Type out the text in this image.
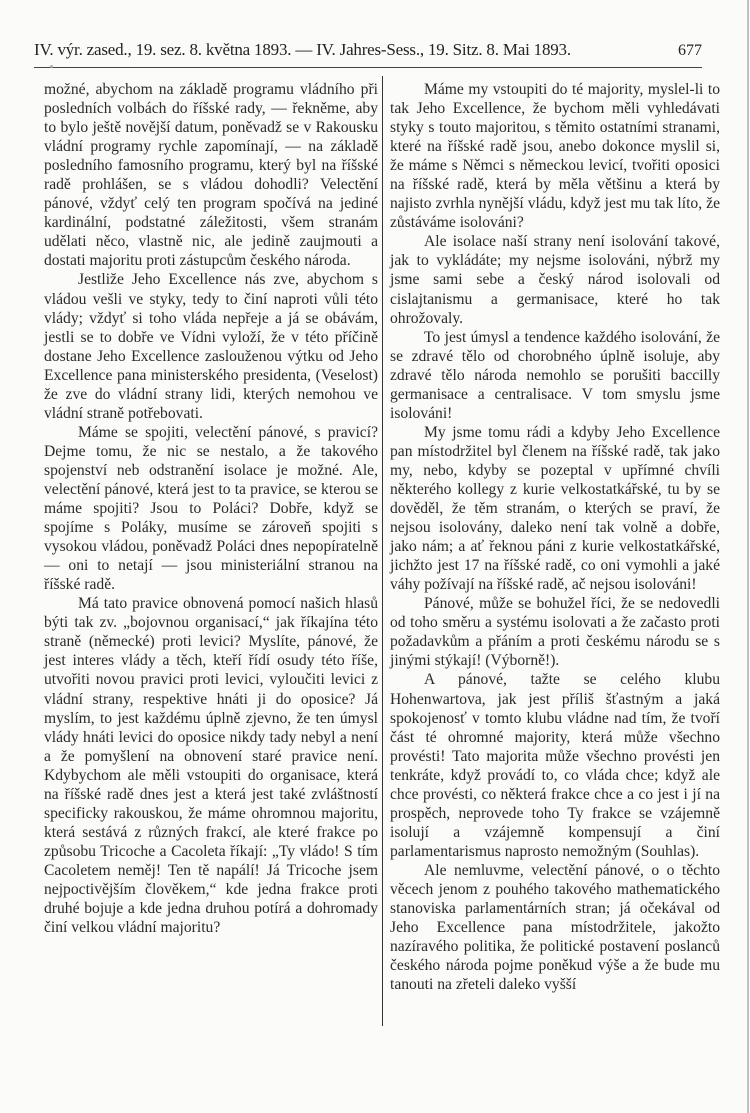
IV. výr. zased., 19. sez. 8. května 1893. — IV. Jahres-Sess., 19. Sitz. 8. Mai 1893.	677

možné, abychom na základě programu vládního při posledních volbách do říšské rady, — řekněme, aby to bylo ještě novější datum, poněvadž se v Rakousku vládní programy rychle zapomínají, — na základě posledního famosního programu, který byl na říšské radě prohlášen, se s vládou dohodli? Velectění pánové, vždyť celý ten program spočívá na jediné kardinální, podstatné záležitosti, všem stranám udělati něco, vlastně nic, ale jedině zaujmouti a dostati majoritu proti zástupcům českého národa.

Jestliže Jeho Excellence nás zve, abychom s vládou vešli ve styky, tedy to činí naproti vůli této vlády; vždyť si toho vláda nepřeje a já se obávám, jestli se to dobře ve Vídni vyloží, že v této příčině dostane Jeho Excellence zaslouženou výtku od Jeho Excellence pana ministerského presidenta, (Veselost) že zve do vládní strany lidi, kterých nemohou ve vládní straně potřebovati.

Máme se spojiti, velectění pánové, s pravicí? Dejme tomu, že nic se nestalo, a že takového spojenství neb odstranění isolace je možné. Ale, velectění pánové, která jest to ta pravice, se kterou se máme spojiti? Jsou to Poláci? Dobře, když se spojíme s Poláky, musíme se zároveň spojiti s vysokou vládou, poněvadž Poláci dnes nepopíratelně — oni to netají — jsou ministeriální stranou na říšské radě.

Má tato pravice obnovená pomocí našich hlasů býti tak zv. „bojovnou organisací,“ jak říkajína této straně (německé) proti levici? Myslíte, pánové, že jest interes vlády a těch, kteří řídí osudy této říše, utvořiti novou pravici proti levici, vyloučiti levici z vládní strany, respektive hnáti ji do oposice? Já myslím, to jest každému úplně zjevno, že ten úmysl vlády hnáti levici do oposice nikdy tady nebyl a není a že pomyšlení na obnovení staré pravice není. Kdybychom ale měli vstoupiti do organisace, která na říšské radě dnes jest a která jest také zvláštností specificky rakouskou, že máme ohromnou majoritu, která sestává z různých frakcí, ale které frakce po způsobu Tricoche a Cacoleta říkají: „Ty vládo! S tím Cacoletem neměj! Ten tě napálí! Já Tricoche jsem nejpoctivějším člověkem,“ kde jedna frakce proti druhé bojuje a kde jedna druhou potírá a dohromady činí velkou vládní majoritu?

Máme my vstoupiti do té majority, myslel-li to tak Jeho Excellence, že bychom měli vyhledávati styky s touto majoritou, s těmito ostatními stranami, které na říšské radě jsou, anebo dokonce myslil si, že máme s Němci s německou levicí, tvořiti oposici na říšské radě, která by měla většinu a která by najisto zvrhla nynější vládu, když jest mu tak líto, že zůstáváme isolováni?

Ale isolace naší strany není isolování takové, jak to vykládáte; my nejsme isolováni, nýbrž my jsme sami sebe a český národ isolovali od cislajtanismu a germanisace, které ho tak ohrožovaly.

To jest úmysl a tendence každého isolování, že se zdravé tělo od chorobného úplně isoluje, aby zdravé tělo národa nemohlo se porušiti baccilly germanisace a centralisace. V tom smyslu jsme isolováni!

My jsme tomu rádi a kdyby Jeho Excellence pan místodržitel byl členem na říšské radě, tak jako my, nebo, kdyby se pozeptal v upřímné chvíli některého kollegy z kurie velkostatkářské, tu by se dověděl, že těm stranám, o kterých se praví, že nejsou isolovány, daleko není tak volně a dobře, jako nám; a ať řeknou páni z kurie velkostatkářské, jichžto jest 17 na říšské radě, co oni vymohli a jaké váhy požívají na říšské radě, ač nejsou isolováni!

Pánové, může se bohužel říci, že se nedovedli od toho směru a systému isolovati a že začasto proti požadavkům a přáním a proti českému národu se s jinými stýkají! (Výborně!).

A pánové, tažte se celého klubu Hohenwartova, jak jest příliš šťastným a jaká spokojenosť v tomto klubu vládne nad tím, že tvoří část té ohromné majority, která může všechno provésti! Tato majorita může všechno provésti jen tenkráte, když provádí to, co vláda chce; když ale chce provésti, co některá frakce chce a co jest i jí na prospěch, neprovede toho Ty frakce se vzájemně isolují a vzájemně kompensují a činí parlamentarismus naprosto nemožným (Souhlas).

Ale nemluvme, velectění pánové, o o těchto věcech jenom z pouhého takového mathematického stanoviska parlamentárních stran; já očekával od Jeho Excellence pana místodržitele, jakožto nazíravého politika, že politické postavení poslanců českého národa pojme poněkud výše a že bude mu tanouti na zřeteli daleko vyšší
